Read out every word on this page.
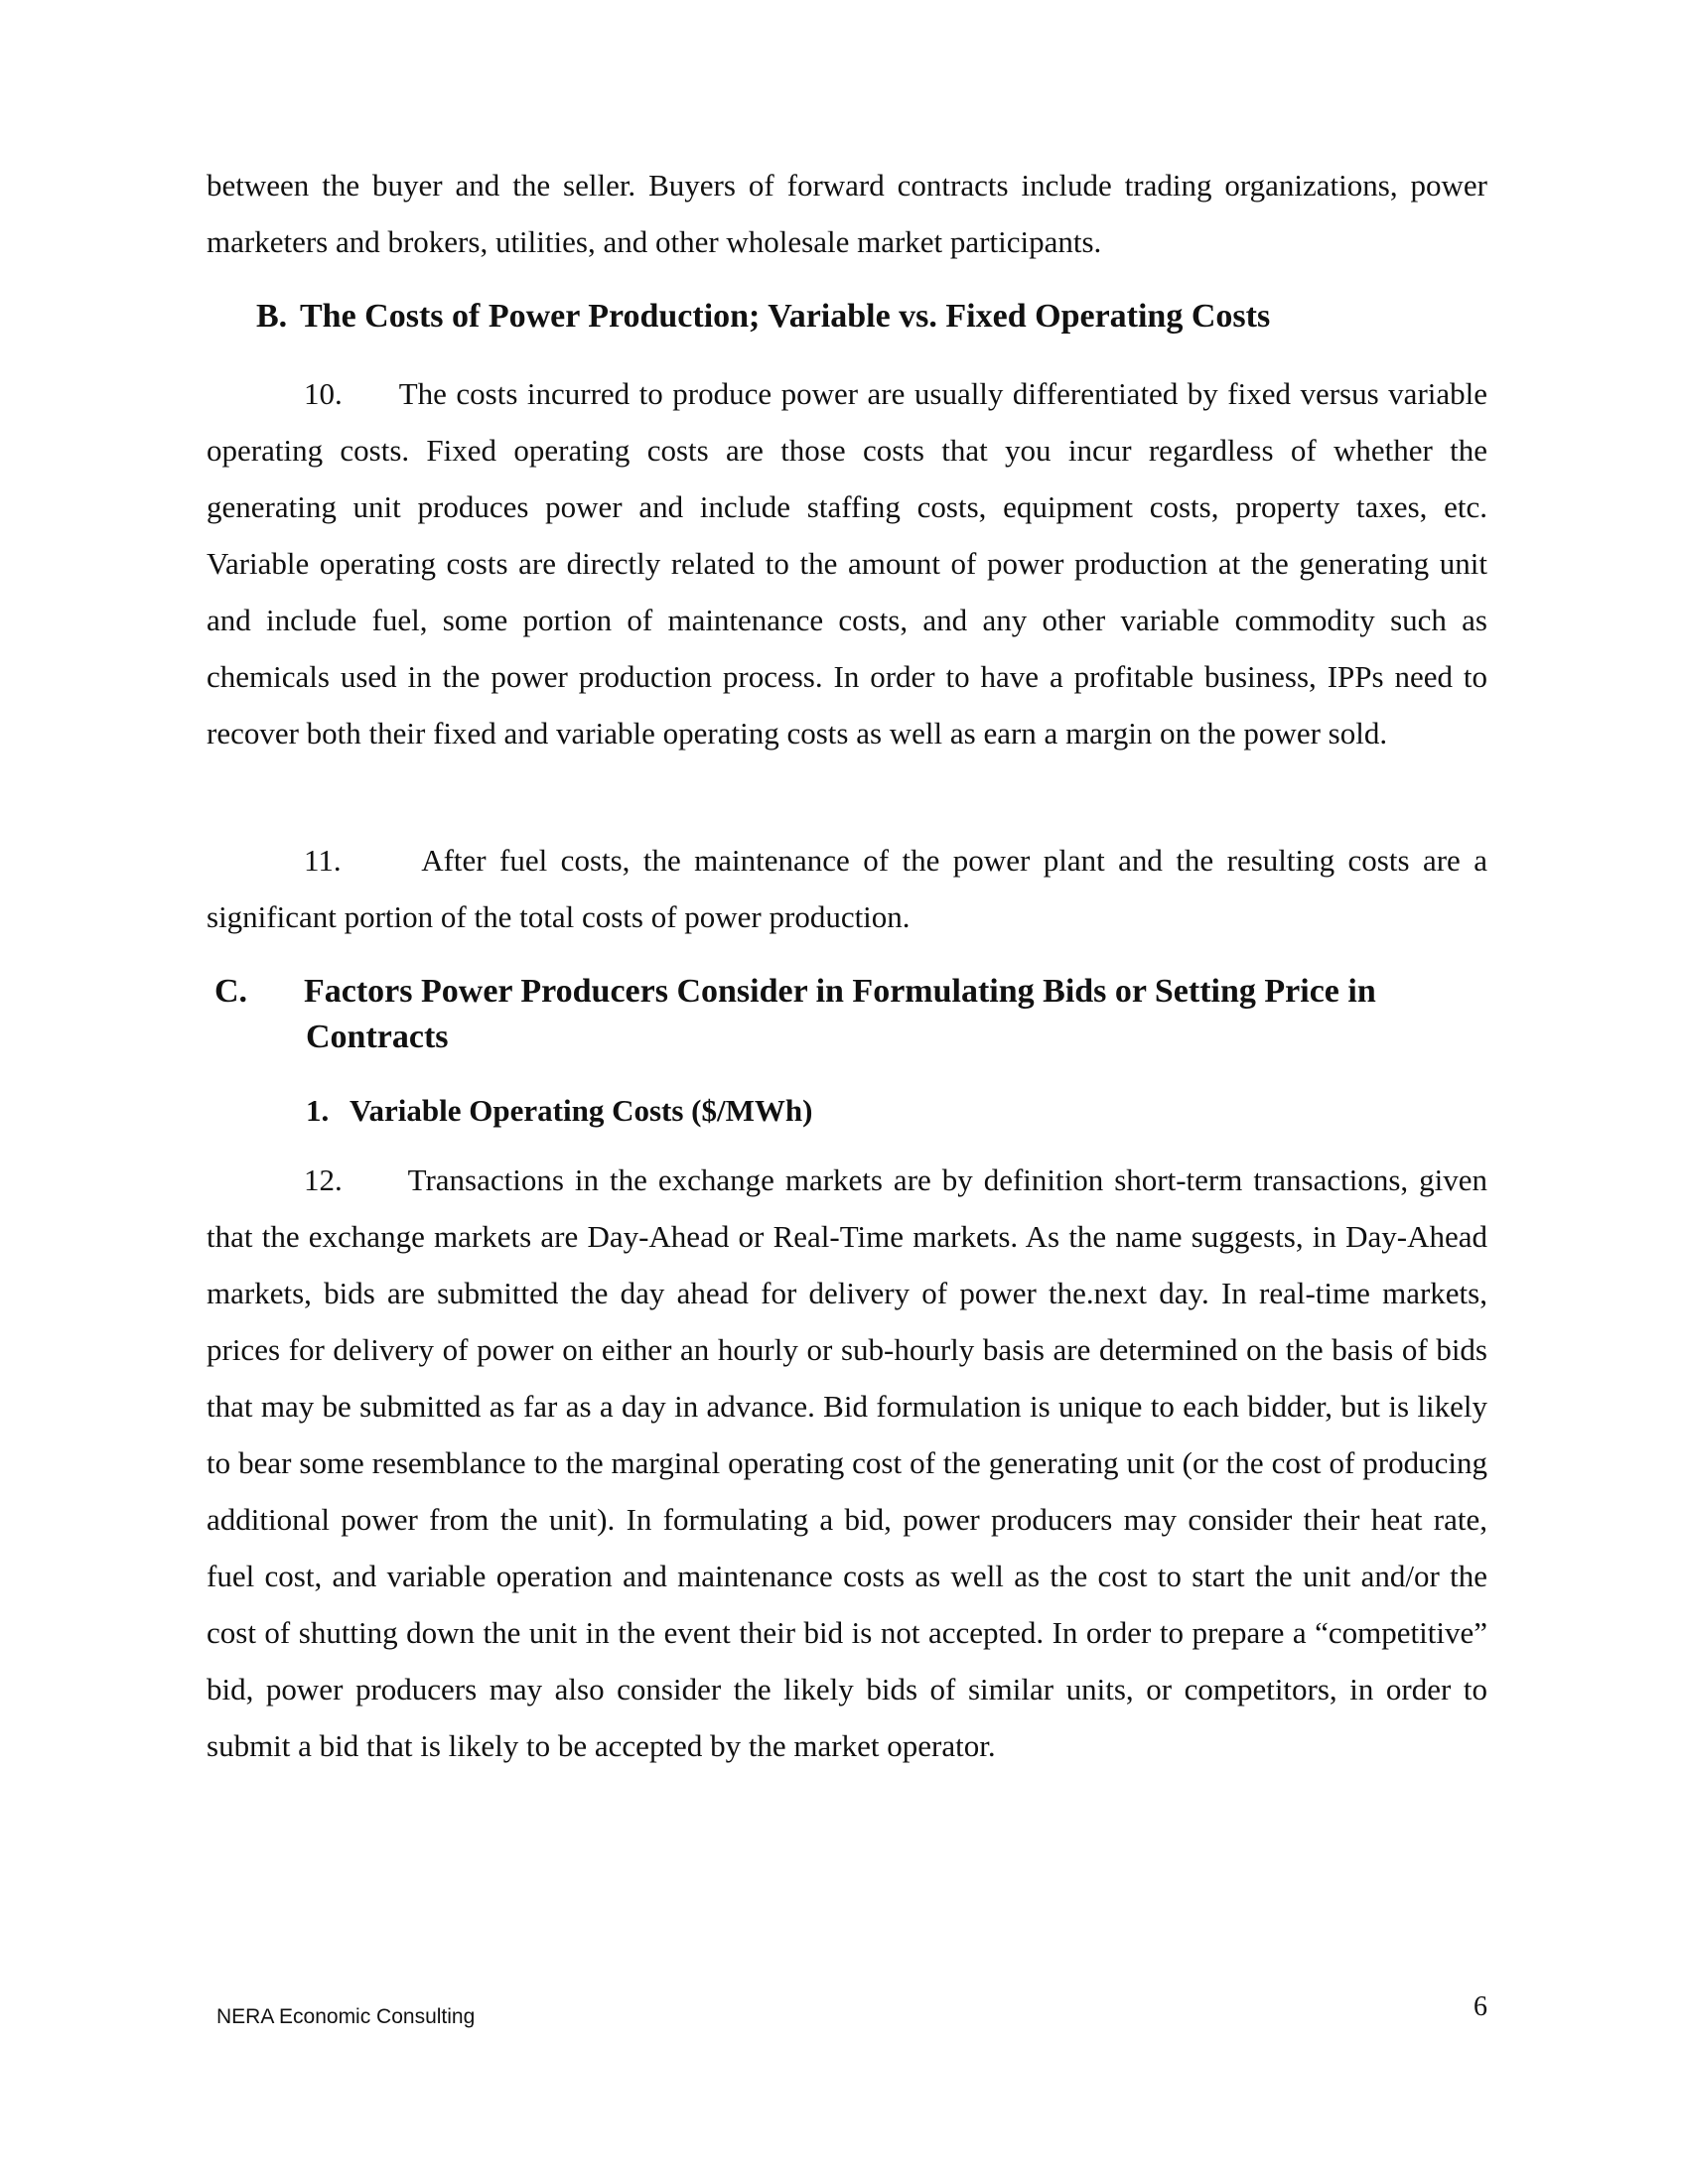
between the buyer and the seller. Buyers of forward contracts include trading organizations, power marketers and brokers, utilities, and other wholesale market participants.

B. The Costs of Power Production; Variable vs. Fixed Operating Costs

10. The costs incurred to produce power are usually differentiated by fixed versus variable operating costs. Fixed operating costs are those costs that you incur regardless of whether the generating unit produces power and include staffing costs, equipment costs, property taxes, etc. Variable operating costs are directly related to the amount of power production at the generating unit and include fuel, some portion of maintenance costs, and any other variable commodity such as chemicals used in the power production process. In order to have a profitable business, IPPs need to recover both their fixed and variable operating costs as well as earn a margin on the power sold.

11.	After fuel costs, the maintenance of the power plant and the resulting costs are a significant portion of the total costs of power production.

C. Factors Power Producers Consider in Formulating Bids or Setting Price in Contracts
1. Variable Operating Costs ($/MWh)

12. Transactions in the exchange markets are by definition short-term transactions, given that the exchange markets are Day-Ahead or Real-Time markets. As the name suggests, in Day-Ahead markets, bids are submitted the day ahead for delivery of power the.next day. In real-time markets, prices for delivery of power on either an hourly or sub-hourly basis are determined on the basis of bids that may be submitted as far as a day in advance. Bid formulation is unique to each bidder, but is likely to bear some resemblance to the marginal operating cost of the generating unit (or the cost of producing additional power from the unit). In formulating a bid, power producers may consider their heat rate, fuel cost, and variable operation and maintenance costs as well as the cost to start the unit and/or the cost of shutting down the unit in the event their bid is not accepted. In order to prepare a “competitive” bid, power producers may also consider the likely bids of similar units, or competitors, in order to submit a bid that is likely to be accepted by the market operator.

NERA Economic Consulting	6
